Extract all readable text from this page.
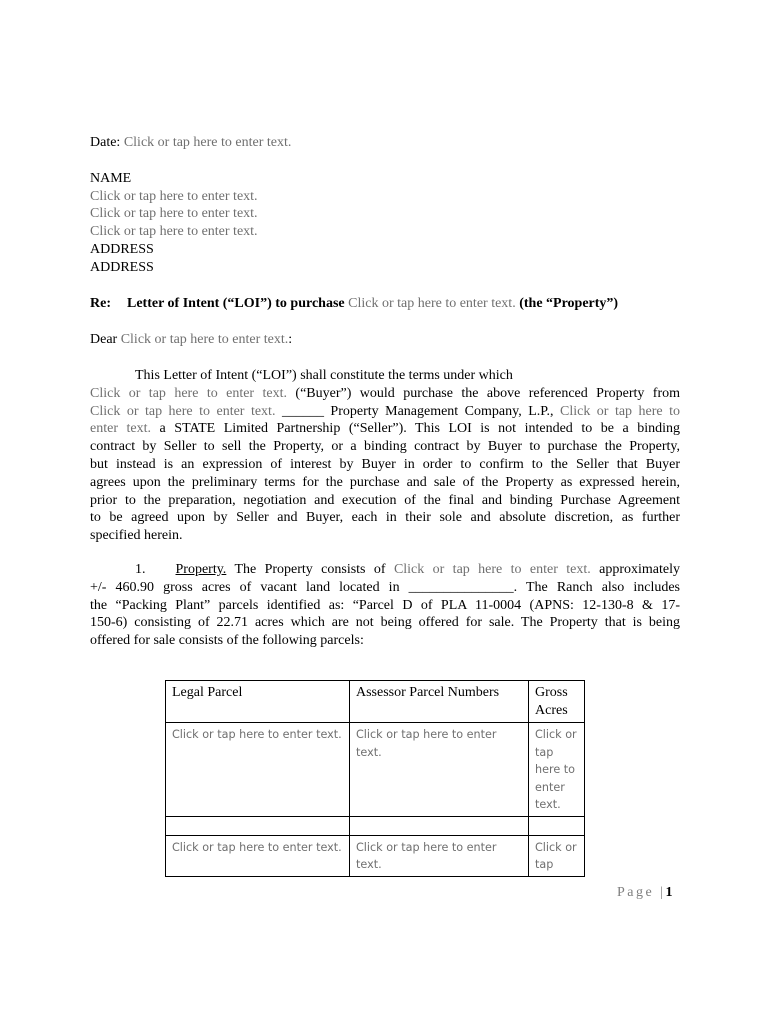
Date: Click or tap here to enter text.
NAME
Click or tap here to enter text.
Click or tap here to enter text.
Click or tap here to enter text.
ADDRESS
ADDRESS
Re: Letter of Intent (“LOI”) to purchase Click or tap here to enter text. (the “Property”)
Dear Click or tap here to enter text.:
This Letter of Intent (“LOI”) shall constitute the terms under which
Click or tap here to enter text. (“Buyer”) would purchase the above referenced Property from
Click or tap here to enter text. ______ Property Management Company, L.P., Click or tap here to
enter text. a STATE Limited Partnership (“Seller”). This LOI is not intended to be a binding
contract by Seller to sell the Property, or a binding contract by Buyer to purchase the Property,
but instead is an expression of interest by Buyer in order to confirm to the Seller that Buyer
agrees upon the preliminary terms for the purchase and sale of the Property as expressed herein,
prior to the preparation, negotiation and execution of the final and binding Purchase Agreement
to be agreed upon by Seller and Buyer, each in their sole and absolute discretion, as further
specified herein.
1. Property. The Property consists of Click or tap here to enter text. approximately
+/- 460.90 gross acres of vacant land located in _______________. The Ranch also includes
the “Packing Plant” parcels identified as: “Parcel D of PLA 11-0004 (APNS: 12-130-8 & 17-
150-6) consisting of 22.71 acres which are not being offered for sale. The Property that is being
offered for sale consists of the following parcels:
Legal Parcel	Assessor Parcel Numbers	Gross Acres
Click or tap here to enter text.	Click or tap here to enter text.	Click or tap here to enter text.

Click or tap here to enter text.	Click or tap here to enter text.	Click or tap
Page |1
